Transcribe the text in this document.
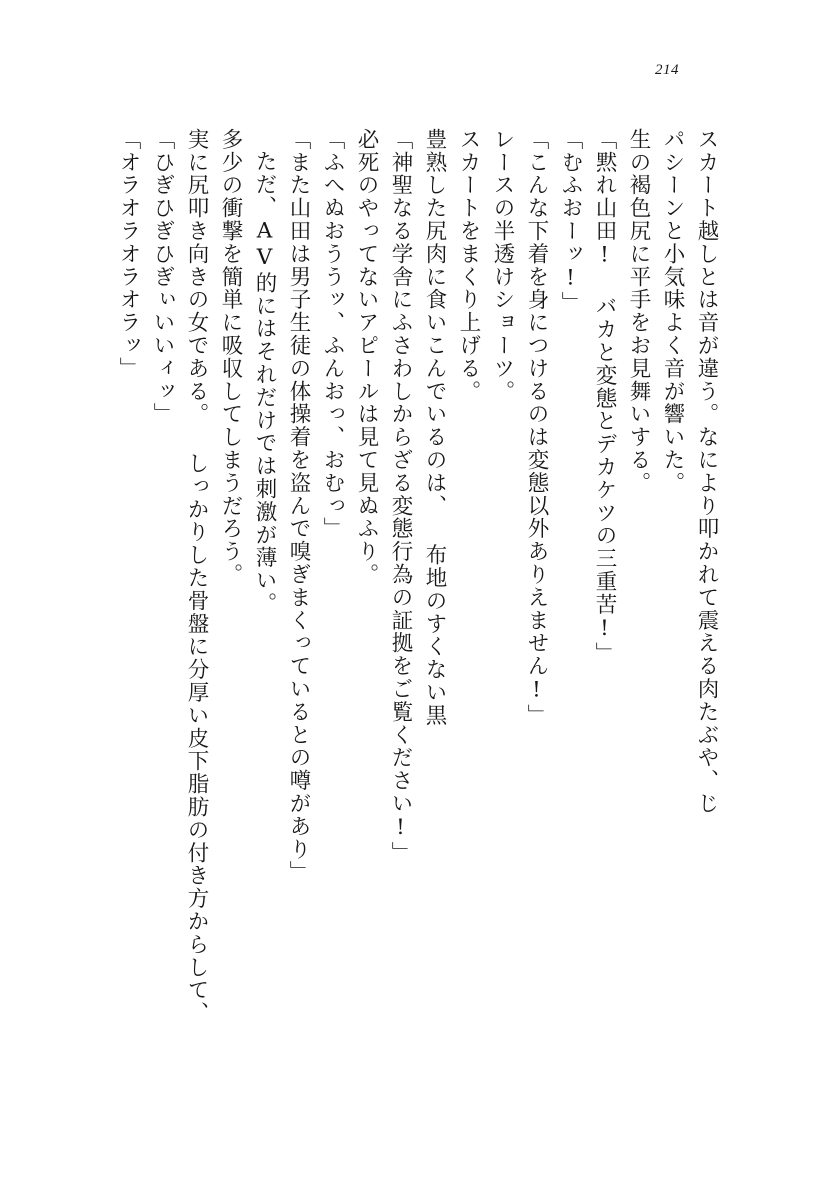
214
「オラオラオラオラッ」 「ひぎひぎひぎぃいいィッ」 実に尻叩き向きの女である。 しっかりした骨盤に分厚い皮下脂肪の付き方からして、 多少の衝撃を簡単に吸収してしまうだろう。 ただ、AV的にはそれだけでは刺激が薄い。 「また山田は男子生徒の体操着を盗んで嗅ぎまくっているとの噂があり」 「ふへぬおううッ、ふんおっ、おむっ」 必死のやってないアピールは見て見ぬふり。 「神聖なる学舎にふさわしからざる変態行為の証拠をご覧ください!」 豊熟した尻肉に食いこんでいるのは、 布地のすくない黒 スカートをまくり上げる。 レースの半透けショーツ。 「こんな下着を身につけるのは変態以外ありえません!」 「むふおーッ!」 「黙れ山田! バカと変態とデカケツの三重苦!」 生の褐色尻に平手をお見舞いする。 パシーンと小気味よく音が響いた。 スカート越しとは音が違う。なにより叩かれて震える肉たぶや、じ
